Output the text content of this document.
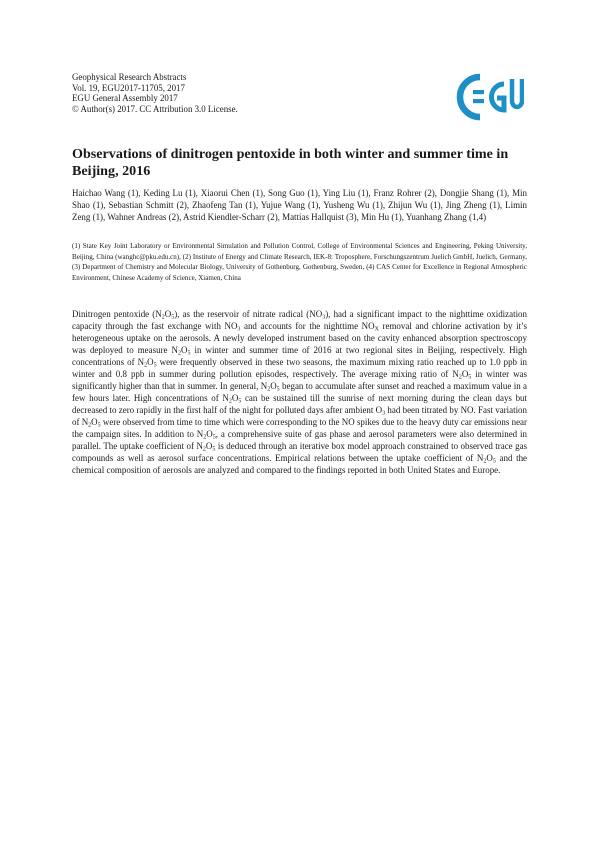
Geophysical Research Abstracts
Vol. 19, EGU2017-11705, 2017
EGU General Assembly 2017
© Author(s) 2017. CC Attribution 3.0 License.
Observations of dinitrogen pentoxide in both winter and summer time in Beijing, 2016
Haichao Wang (1), Keding Lu (1), Xiaorui Chen (1), Song Guo (1), Ying Liu (1), Franz Rohrer (2), Dongjie Shang (1), Min Shao (1), Sebastian Schmitt (2), Zhaofeng Tan (1), Yujue Wang (1), Yusheng Wu (1), Zhijun Wu (1), Jing Zheng (1), Limin Zeng (1), Wahner Andreas (2), Astrid Kiendler-Scharr (2), Mattias Hallquist (3), Min Hu (1), Yuanhang Zhang (1,4)
(1) State Key Joint Laboratory or Environmental Simulation and Pollution Control, College of Environmental Sciences and Engineering, Peking University, Beijing, China (wanghc@pku.edu.cn), (2) Institute of Energy and Climate Research, IEK-8: Troposphere, Forschungszentrum Juelich GmbH, Juelich, Germany, (3) Department of Chemistry and Molecular Biology, University of Gothenburg, Gothenburg, Sweden, (4) CAS Center for Excellence in Regional Atmospheric Environment, Chinese Academy of Science, Xiamen, China
Dinitrogen pentoxide $(N_2O_5)$, as the reservoir of nitrate radical $(NO_3)$, had a significant impact to the nighttime oxidization capacity through the fast exchange with $NO_3$ and accounts for the nighttime $NO_X$ removal and chlorine activation by it’s heterogeneous uptake on the aerosols. A newly developed instrument based on the cavity enhanced absorption spectroscopy was deployed to measure $N_2O_5$ in winter and summer time of 2016 at two regional sites in Beijing, respectively. High concentrations of $N_2O_5$ were frequently observed in these two seasons, the maximum mixing ratio reached up to 1.0 ppb in winter and 0.8 ppb in summer during pollution episodes, respectively. The average mixing ratio of $N_2O_5$ in winter was significantly higher than that in summer. In general, $N_2O_5$ began to accumulate after sunset and reached a maximum value in a few hours later. High concentrations of $N_2O_5$ can be sustained till the sunrise of next morning during the clean days but decreased to zero rapidly in the first half of the night for polluted days after ambient $O_3$ had been titrated by NO. Fast variation of $N_2O_5$ were observed from time to time which were corresponding to the NO spikes due to the heavy duty car emissions near the campaign sites. In addition to $N_2O_5$, a comprehensive suite of gas phase and aerosol parameters were also determined in parallel. The uptake coefficient of $N_2O_5$ is deduced through an iterative box model approach constrained to observed trace gas compounds as well as aerosol surface concentrations. Empirical relations between the uptake coefficient of $N_2O_5$ and the chemical composition of aerosols are analyzed and compared to the findings reported in both United States and Europe.
